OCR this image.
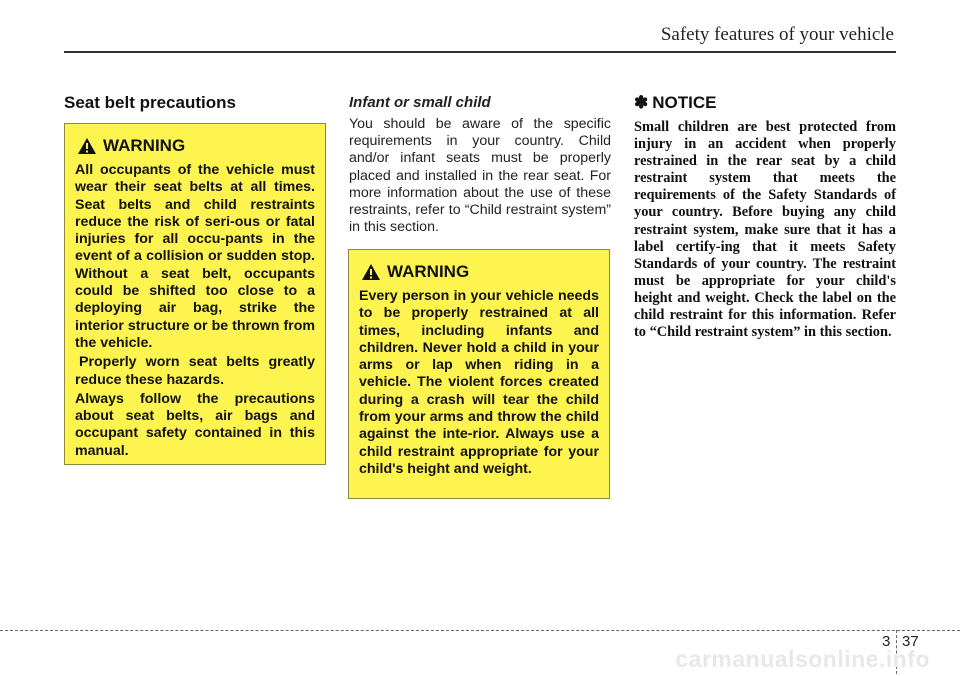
Safety features of your vehicle
Seat belt precautions
WARNING

All occupants of the vehicle must wear their seat belts at all times. Seat belts and child restraints reduce the risk of seri-ous or fatal injuries for all occu-pants in the event of a collision or sudden stop. Without a seat belt, occupants could be shifted too close to a deploying air bag, strike the interior structure or be thrown from the vehicle.

Properly worn seat belts greatly reduce these hazards.

Always follow the precautions about seat belts, air bags and occupant safety contained in this manual.

Infant or small child

You should be aware of the specific requirements in your country. Child and/or infant seats must be properly placed and installed in the rear seat. For more information about the use of these restraints, refer to “Child restraint system” in this section.

WARNING

Every person in your vehicle needs to be properly restrained at all times, including infants and children. Never hold a child in your arms or lap when riding in a vehicle. The violent forces created during a crash will tear the child from your arms and throw the child against the inte-rior. Always use a child restraint appropriate for your child's height and weight.

✽ NOTICE

Small children are best protected from injury in an accident when properly restrained in the rear seat by a child restraint system that meets the requirements of the Safety Standards of your country. Before buying any child restraint system, make sure that it has a label certify-ing that it meets Safety Standards of your country. The restraint must be appropriate for your child's height and weight. Check the label on the child restraint for this information. Refer to “Child restraint system” in this section.

3 37
carmanualsonline.info
